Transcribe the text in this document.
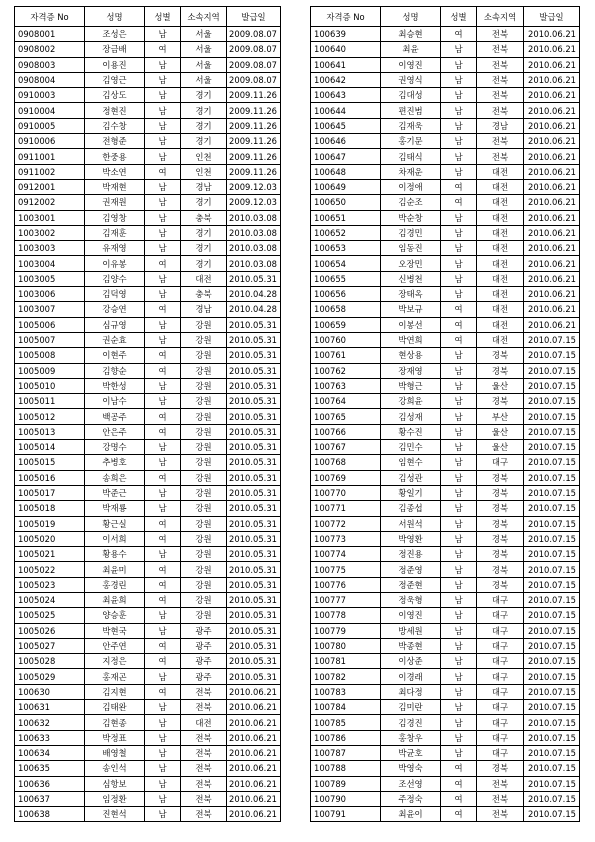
자격증 No	성명	성별	소속지역	발급일
0908001	조성은	남	서울	2009.08.07
0908002	장금배	여	서울	2009.08.07
0908003	이용진	남	서울	2009.08.07
0908004	김영근	남	서울	2009.08.07
0910003	김상도	남	경기	2009.11.26
0910004	정현진	남	경기	2009.11.26
0910005	김수창	남	경기	2009.11.26
0910006	전형준	남	경기	2009.11.26
0911001	한중용	남	인천	2009.11.26
0911002	박소연	여	인천	2009.11.26
0912001	박재현	남	경남	2009.12.03
0912002	권재원	남	경기	2009.12.03
1003001	김영창	남	충북	2010.03.08
1003002	김재훈	남	경기	2010.03.08
1003003	유재영	남	경기	2010.03.08
1003004	이유봉	여	경기	2010.03.08
1003005	김양수	남	대전	2010.05.31
1003006	김덕영	남	충북	2010.04.28
1003007	강승연	여	경남	2010.04.28
1005006	심규영	남	강원	2010.05.31
1005007	권순효	남	강원	2010.05.31
1005008	이현주	여	강원	2010.05.31
1005009	김향순	여	강원	2010.05.31
1005010	박한성	남	강원	2010.05.31
1005011	이남수	남	강원	2010.05.31
1005012	백공주	여	강원	2010.05.31
1005013	안은주	여	강원	2010.05.31
1005014	강명수	남	강원	2010.05.31
1005015	추병호	남	강원	2010.05.31
1005016	송희은	여	강원	2010.05.31
1005017	박준근	남	강원	2010.05.31
1005018	박재룡	남	강원	2010.05.31
1005019	황근실	여	강원	2010.05.31
1005020	이서희	여	강원	2010.05.31
1005021	황용수	남	강원	2010.05.31
1005022	최윤미	여	강원	2010.05.31
1005023	홍경린	여	강원	2010.05.31
1005024	최윤희	여	강원	2010.05.31
1005025	양승훈	남	강원	2010.05.31
1005026	박현국	남	광주	2010.05.31
1005027	안주연	여	광주	2010.05.31
1005028	지정은	여	광주	2010.05.31
1005029	홍재곤	남	광주	2010.05.31
100630	김지현	여	전북	2010.06.21
100631	김태완	남	전북	2010.06.21
100632	김현종	남	대전	2010.06.21
100633	박정표	남	전북	2010.06.21
100634	배영철	남	전북	2010.06.21
100635	송인석	남	전북	2010.06.21
100636	심항보	남	전북	2010.06.21
100637	임정환	남	전북	2010.06.21
100638	진현석	남	전북	2010.06.21
자격증 No	성명	성별	소속지역	발급일
100639	최승현	여	전북	2010.06.21
100640	최윤	남	전북	2010.06.21
100641	이영진	남	전북	2010.06.21
100642	권영식	남	전북	2010.06.21
100643	김대성	남	전북	2010.06.21
100644	편진범	남	전북	2010.06.21
100645	김재욱	남	경남	2010.06.21
100646	홍기문	남	전북	2010.06.21
100647	김태식	남	전북	2010.06.21
100648	차재운	남	대전	2010.06.21
100649	이정애	여	대전	2010.06.21
100650	김순조	여	대전	2010.06.21
100651	박순창	남	대전	2010.06.21
100652	김경민	남	대전	2010.06.21
100653	임동진	남	대전	2010.06.21
100654	오장민	남	대전	2010.06.21
100655	신병천	남	대전	2010.06.21
100656	장태옥	남	대전	2010.06.21
100658	박보규	여	대전	2010.06.21
100659	이봉선	여	대전	2010.06.21
100760	박연희	여	대전	2010.07.15
100761	현상용	남	경북	2010.07.15
100762	장재영	남	경북	2010.07.15
100763	박형근	남	울산	2010.07.15
100764	강희윤	남	경북	2010.07.15
100765	김성재	남	부산	2010.07.15
100766	황수진	남	울산	2010.07.15
100767	김민수	남	울산	2010.07.15
100768	임현수	남	대구	2010.07.15
100769	김성관	남	경북	2010.07.15
100770	황일기	남	경북	2010.07.15
100771	김종섭	남	경북	2010.07.15
100772	서원석	남	경북	2010.07.15
100773	박영환	남	경북	2010.07.15
100774	정진용	남	경북	2010.07.15
100775	정준영	남	경북	2010.07.15
100776	정준현	남	경북	2010.07.15
100777	정욱형	남	대구	2010.07.15
100778	이영진	남	대구	2010.07.15
100779	방세원	남	대구	2010.07.15
100780	박종현	남	대구	2010.07.15
100781	이상준	남	대구	2010.07.15
100782	이경래	남	대구	2010.07.15
100783	최다정	남	대구	2010.07.15
100784	김미란	남	대구	2010.07.15
100785	김경진	남	대구	2010.07.15
100786	홍창우	남	대구	2010.07.15
100787	박균호	남	대구	2010.07.15
100788	박영숙	여	경북	2010.07.15
100789	조선영	여	전북	2010.07.15
100790	주정숙	여	전북	2010.07.15
100791	최윤이	여	전북	2010.07.15
